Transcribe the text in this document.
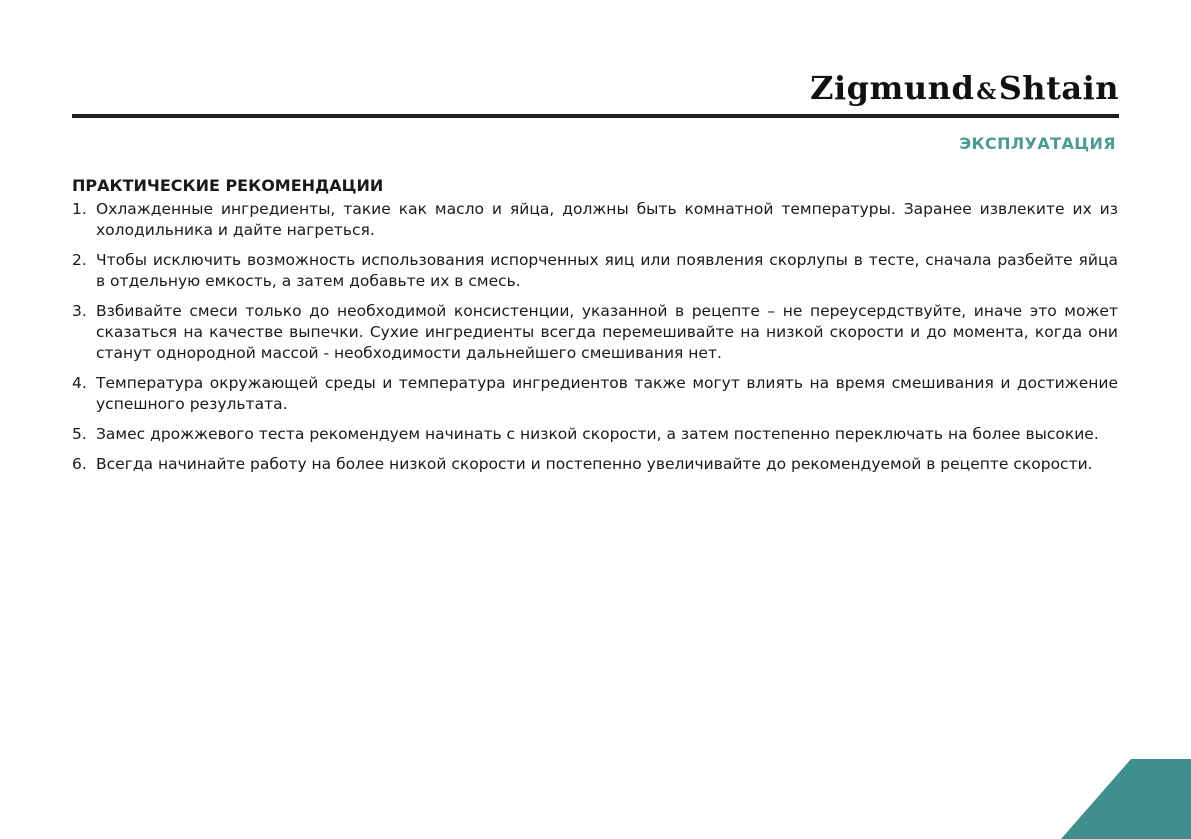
Zigmund&Shtain
ЭКСПЛУАТАЦИЯ
ПРАКТИЧЕСКИЕ РЕКОМЕНДАЦИИ
1. Охлажденные ингредиенты, такие как масло и яйца, должны быть комнатной температуры. Заранее извлеките их из холодильника и дайте нагреться.
2. Чтобы исключить возможность использования испорченных яиц или появления скорлупы в тесте, сначала разбейте яйца в отдельную емкость, а затем добавьте их в смесь.
3. Взбивайте смеси только до необходимой консистенции, указанной в рецепте – не переусердствуйте, иначе это может сказаться на качестве выпечки. Сухие ингредиенты всегда перемешивайте на низкой скорости и до момента, когда они станут однородной массой - необходимости дальнейшего смешивания нет.
4. Температура окружающей среды и температура ингредиентов также могут влиять на время смешивания и достижение успешного результата.
5. Замес дрожжевого теста рекомендуем начинать с низкой скорости, а затем постепенно переключать на более высокие.
6. Всегда начинайте работу на более низкой скорости и постепенно увеличивайте до рекомендуемой в рецепте скорости.
